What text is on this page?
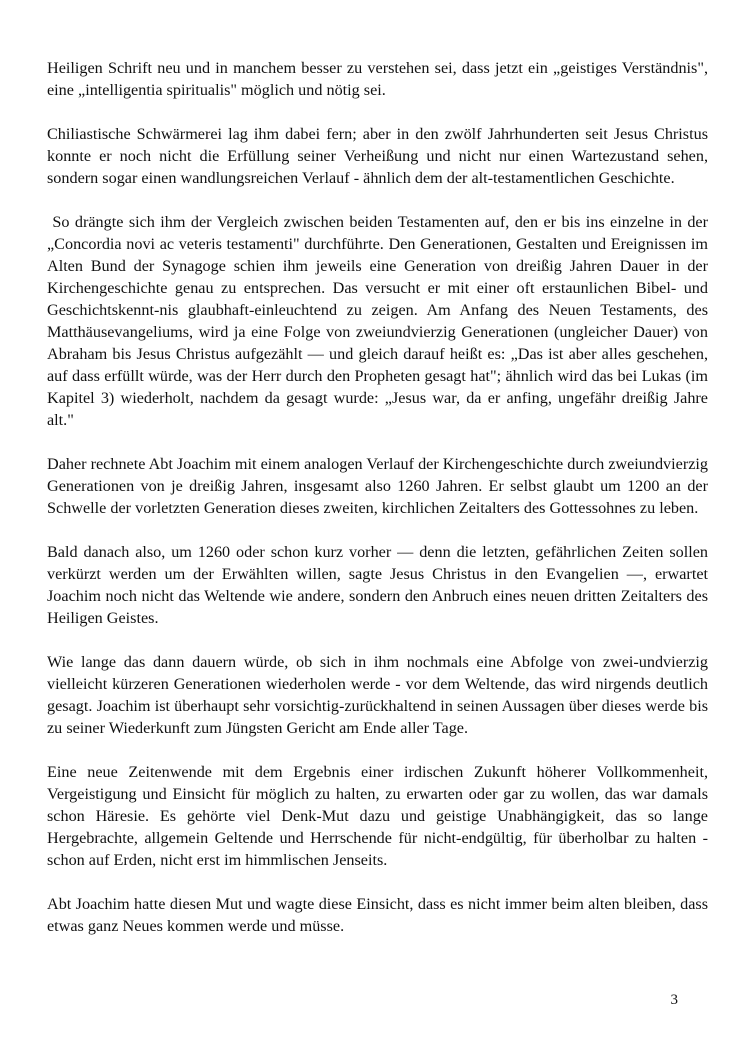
Heiligen Schrift neu und in manchem besser zu verstehen sei, dass jetzt ein „geistiges Verständnis", eine „intelligentia spiritualis" möglich und nötig sei.

Chiliastische Schwärmerei lag ihm dabei fern; aber in den zwölf Jahrhunderten seit Jesus Christus konnte er noch nicht die Erfüllung seiner Verheißung und nicht nur einen Wartezustand sehen, sondern sogar einen wandlungsreichen Verlauf - ähnlich dem der alt-testamentlichen Geschichte.

So drängte sich ihm der Vergleich zwischen beiden Testamenten auf, den er bis ins einzelne in der „Concordia novi ac veteris testamenti" durchführte. Den Generationen, Gestalten und Ereignissen im Alten Bund der Synagoge schien ihm jeweils eine Generation von dreißig Jahren Dauer in der Kirchengeschichte genau zu entsprechen. Das versucht er mit einer oft erstaunlichen Bibel- und Geschichtskennt-nis glaubhaft-einleuchtend zu zeigen. Am Anfang des Neuen Testaments, des Matthäusevangeliums, wird ja eine Folge von zweiundvierzig Generationen (ungleicher Dauer) von Abraham bis Jesus Christus aufgezählt — und gleich darauf heißt es: „Das ist aber alles geschehen, auf dass erfüllt würde, was der Herr durch den Propheten gesagt hat"; ähnlich wird das bei Lukas (im Kapitel 3) wiederholt, nachdem da gesagt wurde: „Jesus war, da er anfing, ungefähr dreißig Jahre alt."

Daher rechnete Abt Joachim mit einem analogen Verlauf der Kirchengeschichte durch zweiundvierzig Generationen von je dreißig Jahren, insgesamt also 1260 Jahren. Er selbst glaubt um 1200 an der Schwelle der vorletzten Generation dieses zweiten, kirchlichen Zeitalters des Gottessohnes zu leben.

Bald danach also, um 1260 oder schon kurz vorher — denn die letzten, gefährlichen Zeiten sollen verkürzt werden um der Erwählten willen, sagte Jesus Christus in den Evangelien —, erwartet Joachim noch nicht das Weltende wie andere, sondern den Anbruch eines neuen dritten Zeitalters des Heiligen Geistes.

Wie lange das dann dauern würde, ob sich in ihm nochmals eine Abfolge von zwei-undvierzig vielleicht kürzeren Generationen wiederholen werde - vor dem Weltende, das wird nirgends deutlich gesagt. Joachim ist überhaupt sehr vorsichtig-zurückhaltend in seinen Aussagen über dieses werde bis zu seiner Wiederkunft zum Jüngsten Gericht am Ende aller Tage.

Eine neue Zeitenwende mit dem Ergebnis einer irdischen Zukunft höherer Vollkommenheit, Vergeistigung und Einsicht für möglich zu halten, zu erwarten oder gar zu wollen, das war damals schon Häresie. Es gehörte viel Denk-Mut dazu und geistige Unabhängigkeit, das so lange Hergebrachte, allgemein Geltende und Herrschende für nicht-endgültig, für überholbar zu halten - schon auf Erden, nicht erst im himmlischen Jenseits.

Abt Joachim hatte diesen Mut und wagte diese Einsicht, dass es nicht immer beim alten bleiben, dass etwas ganz Neues kommen werde und müsse.

3
